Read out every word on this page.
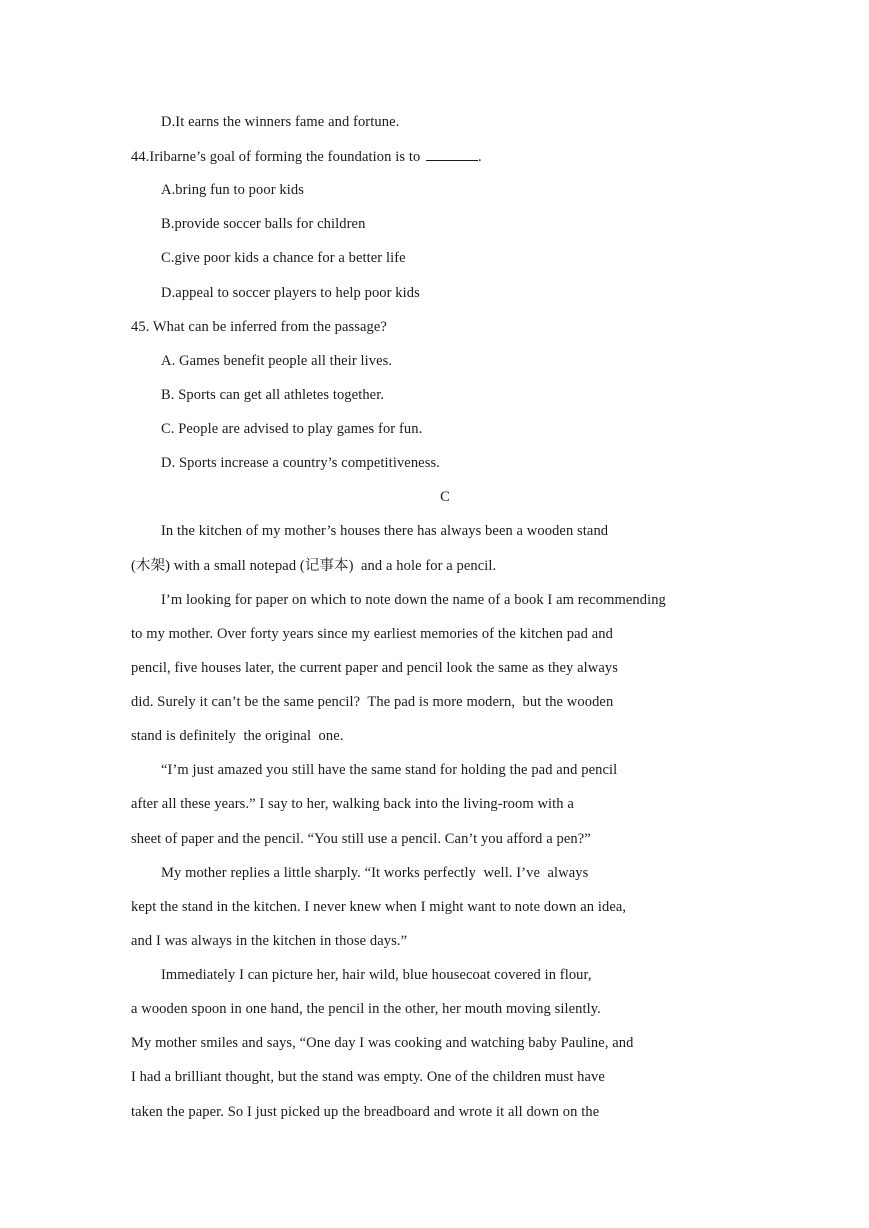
D.It earns the winners fame and fortune.
44.Iribarne’s goal of forming the foundation is to	.
A.bring fun to poor kids
B.provide soccer balls for children
C.give poor kids a chance for a better life
D.appeal to soccer players to help poor kids
45. What can be inferred from the passage?
A. Games benefit people all their lives.
B. Sports can get all athletes together.
C. People are advised to play games for fun.
D. Sports increase a country’s competitiveness.
C
In the kitchen of my mother’s houses there has always been a wooden stand
(木架) with a small notepad (记事本)  and a hole for a pencil.
I’m looking for paper on which to note down the name of a book I am recommending
to my mother. Over forty years since my earliest memories of the kitchen pad and
pencil, five houses later, the current paper and pencil look the same as they always
did. Surely it can’t be the same pencil?  The pad is more modern,  but the wooden
stand is definitely  the original  one.
“I’m just amazed you still have the same stand for holding the pad and pencil
after all these years.” I say to her, walking back into the living-room with a
sheet of paper and the pencil. “You still use a pencil. Can’t you afford a pen?”
My mother replies a little sharply. “It works perfectly  well. I’ve  always
kept the stand in the kitchen. I never knew when I might want to note down an idea,
and I was always in the kitchen in those days.”
Immediately I can picture her, hair wild, blue housecoat covered in flour,
a wooden spoon in one hand, the pencil in the other, her mouth moving silently.
My mother smiles and says, “One day I was cooking and watching baby Pauline, and
I had a brilliant thought, but the stand was empty. One of the children must have
taken the paper. So I just picked up the breadboard and wrote it all down on the
